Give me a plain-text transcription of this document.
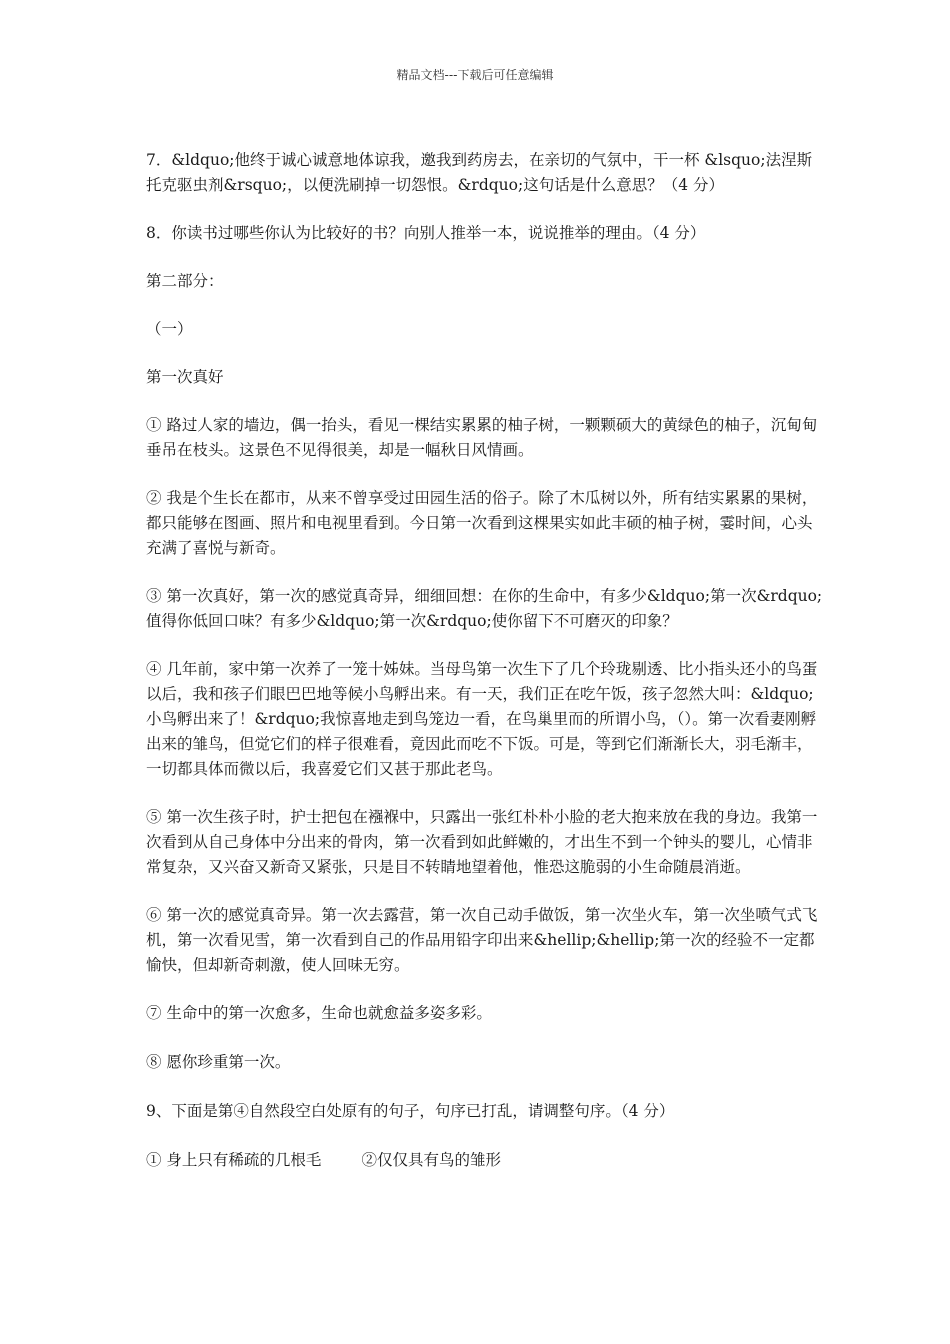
精品文档---下载后可任意编辑

7．&ldquo;他终于诚心诚意地体谅我，邀我到药房去，在亲切的气氛中，干一杯 &lsquo;法涅斯托克驱虫剂&rsquo;，以便洗刷掉一切怨恨。&rdquo;这句话是什么意思？（4 分）

8．你读书过哪些你认为比较好的书？向别人推举一本，说说推举的理由。（4 分）

第二部分：

（一）

第一次真好

① 路过人家的墙边，偶一抬头，看见一棵结实累累的柚子树，一颗颗硕大的黄绿色的柚子，沉甸甸垂吊在枝头。这景色不见得很美，却是一幅秋日风情画。

② 我是个生长在都市，从来不曾享受过田园生活的俗子。除了木瓜树以外，所有结实累累的果树，都只能够在图画、照片和电视里看到。今日第一次看到这棵果实如此丰硕的柚子树，霎时间，心头充满了喜悦与新奇。

③ 第一次真好，第一次的感觉真奇异，细细回想：在你的生命中，有多少&ldquo;第一次&rdquo;值得你低回口味？有多少&ldquo;第一次&rdquo;使你留下不可磨灭的印象？

④ 几年前，家中第一次养了一笼十姊妹。当母鸟第一次生下了几个玲珑剔透、比小指头还小的鸟蛋以后，我和孩子们眼巴巴地等候小鸟孵出来。有一天，我们正在吃午饭，孩子忽然大叫：&ldquo;小鸟孵出来了！&rdquo;我惊喜地走到鸟笼边一看，在鸟巢里而的所谓小鸟，（）。第一次看妻刚孵出来的雏鸟，但觉它们的样子很难看，竟因此而吃不下饭。可是，等到它们渐渐长大，羽毛渐丰，一切都具体而微以后，我喜爱它们又甚于那此老鸟。

⑤ 第一次生孩子时，护士把包在襁褓中，只露出一张红朴朴小脸的老大抱来放在我的身边。我第一次看到从自己身体中分出来的骨肉，第一次看到如此鲜嫩的，才出生不到一个钟头的婴儿，心情非常复杂，又兴奋又新奇又紧张，只是目不转睛地望着他，惟恐这脆弱的小生命随晨消逝。

⑥ 第一次的感觉真奇异。第一次去露营，第一次自己动手做饭，第一次坐火车，第一次坐喷气式飞机，第一次看见雪，第一次看到自己的作品用铅字印出来&hellip;&hellip;第一次的经验不一定都愉快，但却新奇刺激，使人回味无穷。

⑦ 生命中的第一次愈多，生命也就愈益多姿多彩。

⑧ 愿你珍重第一次。

9、下面是第④自然段空白处原有的句子，句序已打乱，请调整句序。（4 分）

① 身上只有稀疏的几根毛	②仅仅具有鸟的雏形
